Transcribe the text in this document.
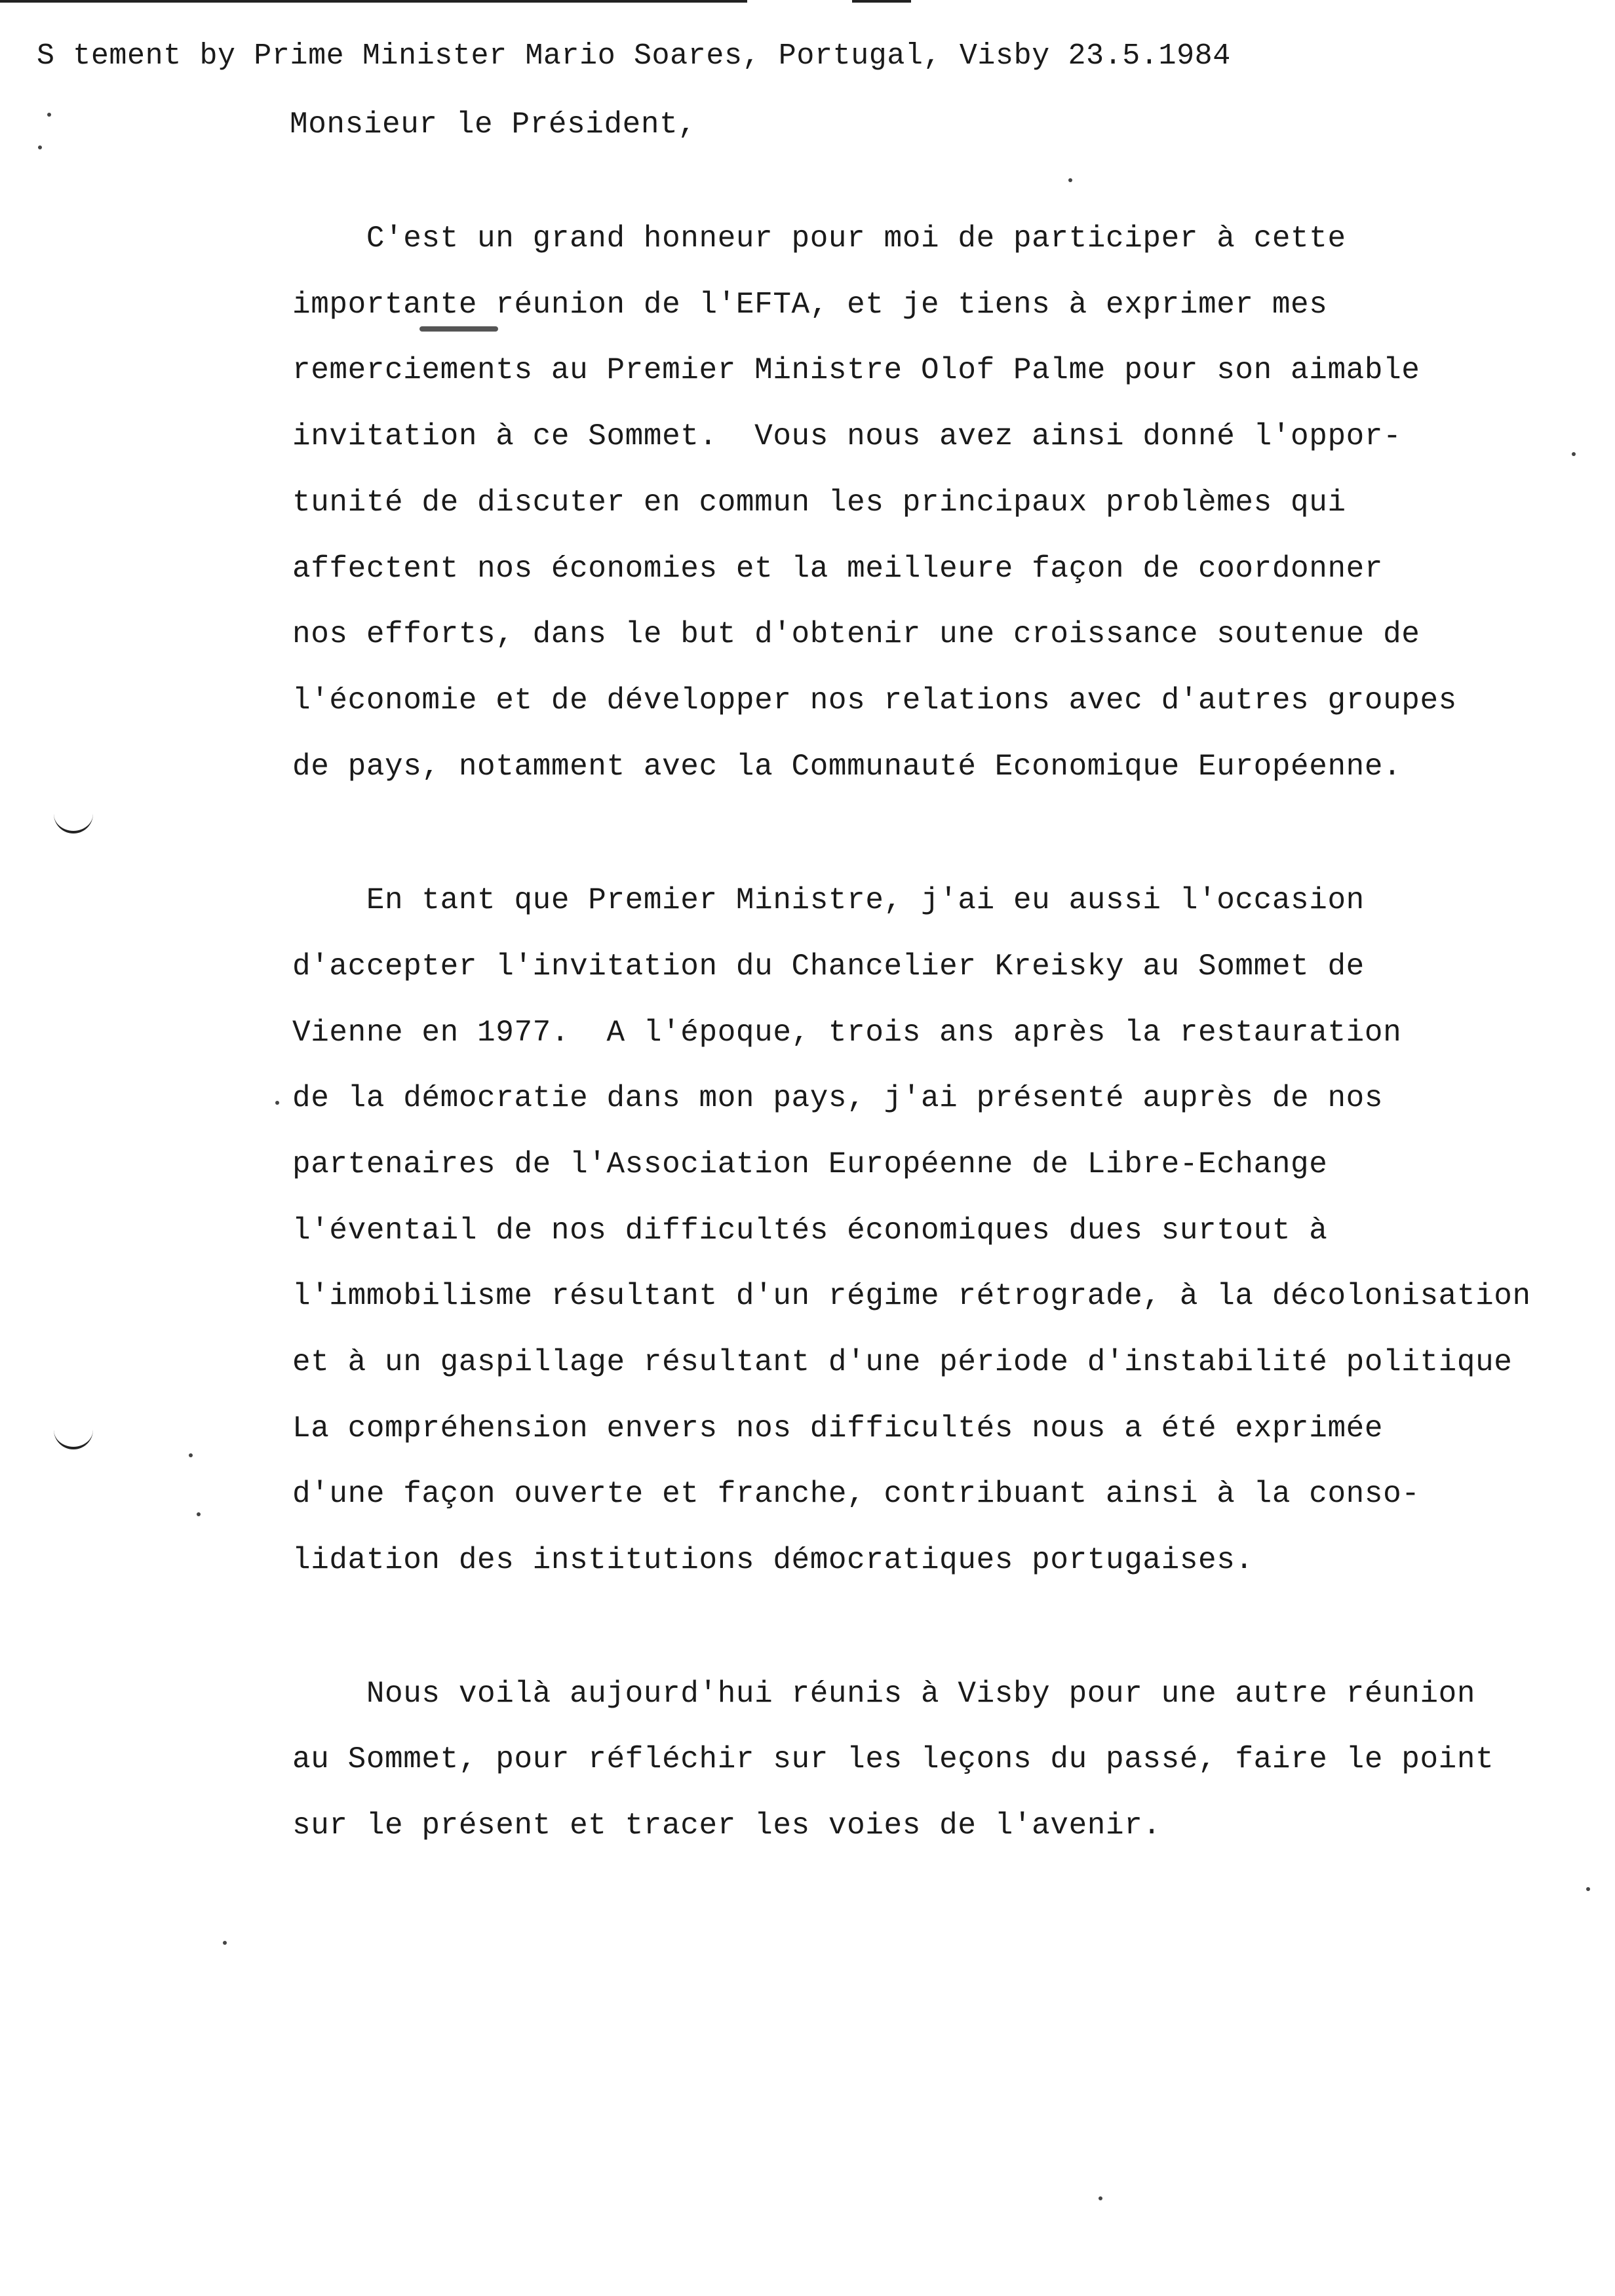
S tement by Prime Minister Mario Soares, Portugal, Visby 23.5.1984
Monsieur le Président,
C'est un grand honneur pour moi de participer à cette
importante réunion de l'EFTA, et je tiens à exprimer mes
remerciements au Premier Ministre Olof Palme pour son aimable
invitation à ce Sommet.  Vous nous avez ainsi donné l'oppor-
tunité de discuter en commun les principaux problèmes qui
affectent nos économies et la meilleure façon de coordonner
nos efforts, dans le but d'obtenir une croissance soutenue de
l'économie et de développer nos relations avec d'autres groupes
de pays, notamment avec la Communauté Economique Européenne.
En tant que Premier Ministre, j'ai eu aussi l'occasion
d'accepter l'invitation du Chancelier Kreisky au Sommet de
Vienne en 1977.  A l'époque, trois ans après la restauration
de la démocratie dans mon pays, j'ai présenté auprès de nos
partenaires de l'Association Européenne de Libre-Echange
l'éventail de nos difficultés économiques dues surtout à
l'immobilisme résultant d'un régime rétrograde, à la décolonisation
et à un gaspillage résultant d'une période d'instabilité politique
La compréhension envers nos difficultés nous a été exprimée
d'une façon ouverte et franche, contribuant ainsi à la conso-
lidation des institutions démocratiques portugaises.
Nous voilà aujourd'hui réunis à Visby pour une autre réunion
au Sommet, pour réfléchir sur les leçons du passé, faire le point
sur le présent et tracer les voies de l'avenir.
